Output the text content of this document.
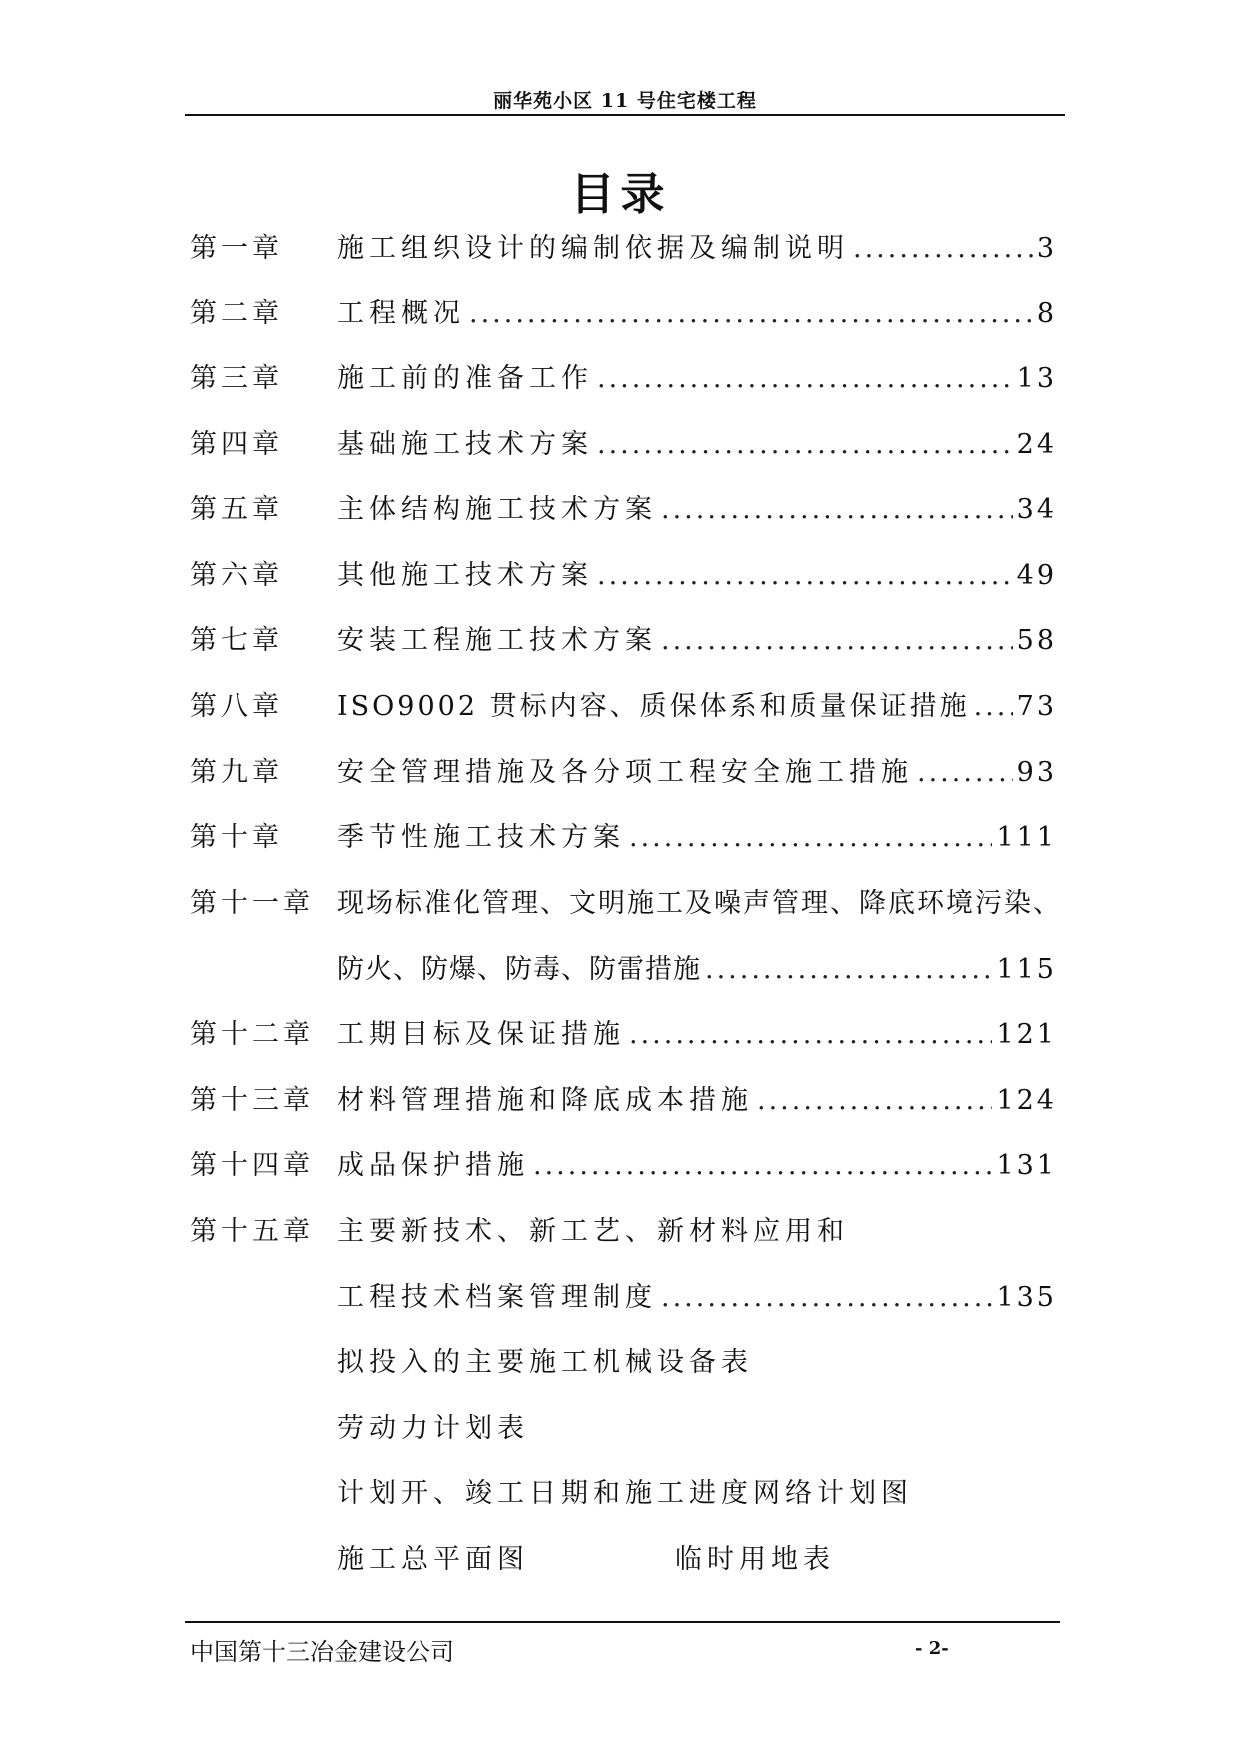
丽华苑小区 11 号住宅楼工程
目录
第一章 施工组织设计的编制依据及编制说明 .....	3
第二章 工程概况 .....	8
第三章 施工前的准备工作 .....	13
第四章 基础施工技术方案 .....	24
第五章 主体结构施工技术方案 .....	34
第六章 其他施工技术方案 .....	49
第七章 安装工程施工技术方案 .....	58
第八章 ISO9002 贯标内容、质保体系和质量保证措施 ..... 73
第九章 安全管理措施及各分项工程安全施工措施 .....	93
第十章 季节性施工技术方案 .....	111
第十一章 现场标准化管理、文明施工及噪声管理、降底环境污染、
防火、防爆、防毒、防雷措施 .....	115
第十二章 工期目标及保证措施 .....	121
第十三章 材料管理措施和降底成本措施 .....	124
第十四章 成品保护措施 .....	131
第十五章 主要新技术、新工艺、新材料应用和
工程技术档案管理制度 .....	135
拟投入的主要施工机械设备表
劳动力计划表
计划开、竣工日期和施工进度网络计划图
施工总平面图	临时用地表
中国第十三冶金建设公司	- 2-
